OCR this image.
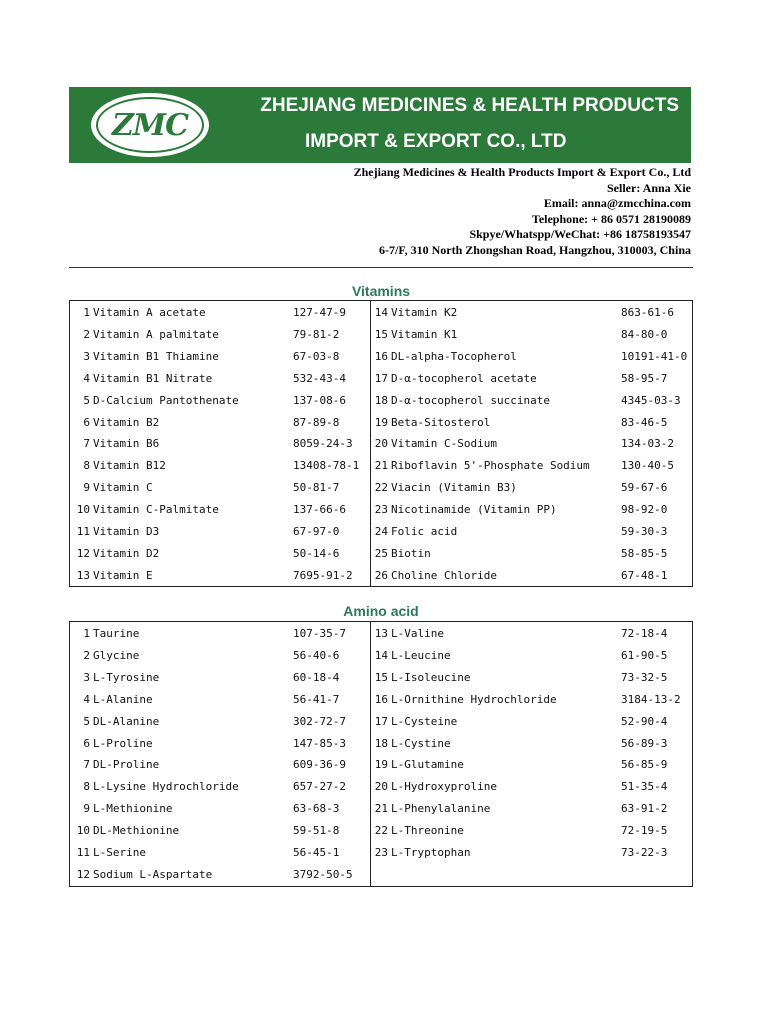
ZMC
ZHEJIANG MEDICINES & HEALTH PRODUCTS
IMPORT & EXPORT CO., LTD
Zhejiang Medicines & Health Products Import & Export Co., Ltd
Seller: Anna Xie
Email: anna@zmcchina.com
Telephone: + 86 0571 28190089
Skpye/Whatspp/WeChat: +86 18758193547
6-7/F, 310 North Zhongshan Road, Hangzhou, 310003, China
Vitamins
1 Vitamin A acetate	127-47-9
2 Vitamin A palmitate	79-81-2
3 Vitamin B1 Thiamine	67-03-8
4 Vitamin B1 Nitrate	532-43-4
5 D-Calcium Pantothenate	137-08-6
6 Vitamin B2	87-89-8
7 Vitamin B6	8059-24-3
8 Vitamin B12	13408-78-1
9 Vitamin C	50-81-7
10 Vitamin C-Palmitate	137-66-6
11 Vitamin D3	67-97-0
12 Vitamin D2	50-14-6
13 Vitamin E	7695-91-2
14 Vitamin K2	863-61-6
15 Vitamin K1	84-80-0
16 DL-alpha-Tocopherol	10191-41-0
17 D-α-tocopherol acetate	58-95-7
18 D-α-tocopherol succinate	4345-03-3
19 Beta-Sitosterol	83-46-5
20 Vitamin C-Sodium	134-03-2
21 Riboflavin 5'-Phosphate Sodium	130-40-5
22 Viacin (Vitamin B3)	59-67-6
23 Nicotinamide (Vitamin PP)	98-92-0
24 Folic acid	59-30-3
25 Biotin	58-85-5
26 Choline Chloride	67-48-1
Amino acid
1 Taurine	107-35-7
2 Glycine	56-40-6
3 L-Tyrosine	60-18-4
4 L-Alanine	56-41-7
5 DL-Alanine	302-72-7
6 L-Proline	147-85-3
7 DL-Proline	609-36-9
8 L-Lysine Hydrochloride	657-27-2
9 L-Methionine	63-68-3
10 DL-Methionine	59-51-8
11 L-Serine	56-45-1
12 Sodium L-Aspartate	3792-50-5
13 L-Valine	72-18-4
14 L-Leucine	61-90-5
15 L-Isoleucine	73-32-5
16 L-Ornithine Hydrochloride	3184-13-2
17 L-Cysteine	52-90-4
18 L-Cystine	56-89-3
19 L-Glutamine	56-85-9
20 L-Hydroxyproline	51-35-4
21 L-Phenylalanine	63-91-2
22 L-Threonine	72-19-5
23 L-Tryptophan	73-22-3
